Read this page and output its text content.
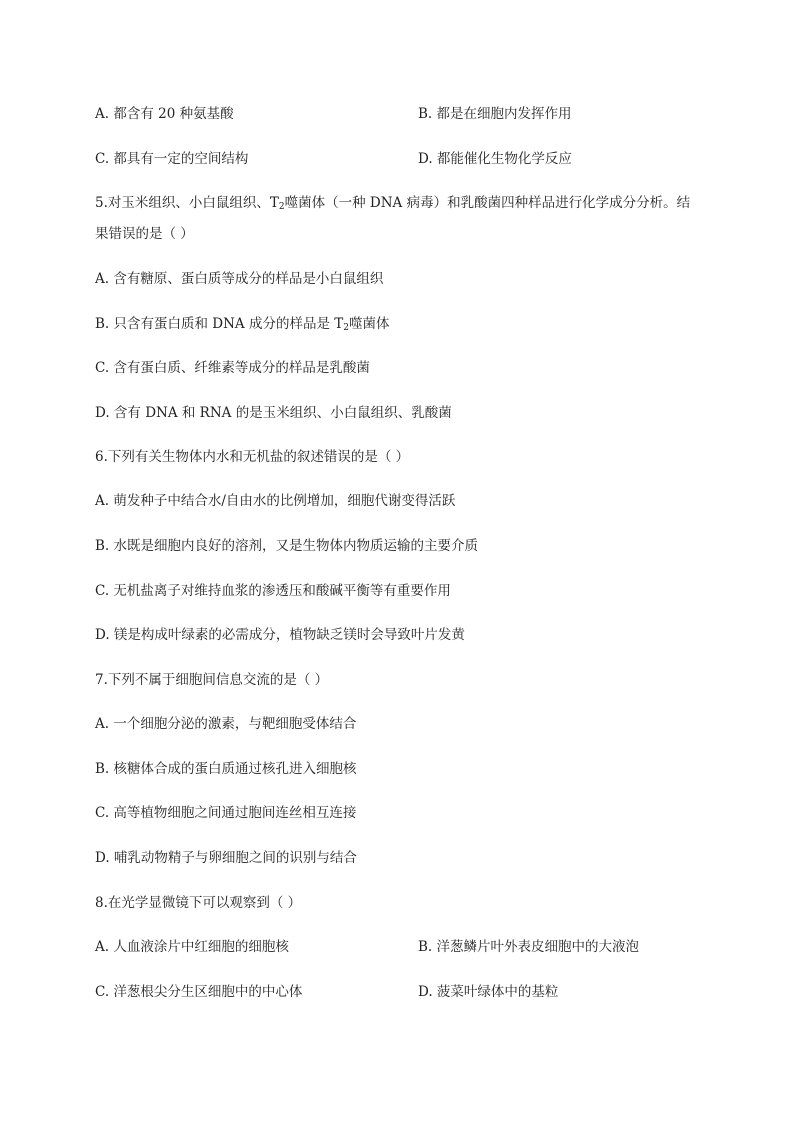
A. 都含有 20 种氨基酸	B. 都是在细胞内发挥作用
C. 都具有一定的空间结构	D. 都能催化生物化学反应
5.对玉米组织、小白鼠组织、$T_2$噬菌体（一种 DNA 病毒）和乳酸菌四种样品进行化学成分分析。结
果错误的是（ ）
A. 含有糖原、蛋白质等成分的样品是小白鼠组织
B. 只含有蛋白质和 DNA 成分的样品是 $T_2$噬菌体
C. 含有蛋白质、纤维素等成分的样品是乳酸菌
D. 含有 DNA 和 RNA 的是玉米组织、小白鼠组织、乳酸菌
6.下列有关生物体内水和无机盐的叙述错误的是（ ）
A. 萌发种子中结合水/自由水的比例增加，细胞代谢变得活跃
B. 水既是细胞内良好的溶剂，又是生物体内物质运输的主要介质
C. 无机盐离子对维持血浆的渗透压和酸碱平衡等有重要作用
D. 镁是构成叶绿素的必需成分，植物缺乏镁时会导致叶片发黄
7.下列不属于细胞间信息交流的是（ ）
A. 一个细胞分泌的激素，与靶细胞受体结合
B. 核糖体合成的蛋白质通过核孔进入细胞核
C. 高等植物细胞之间通过胞间连丝相互连接
D. 哺乳动物精子与卵细胞之间的识别与结合
8.在光学显微镜下可以观察到（ ）
A. 人血液涂片中红细胞的细胞核	B. 洋葱鳞片叶外表皮细胞中的大液泡
C. 洋葱根尖分生区细胞中的中心体	D. 菠菜叶绿体中的基粒
